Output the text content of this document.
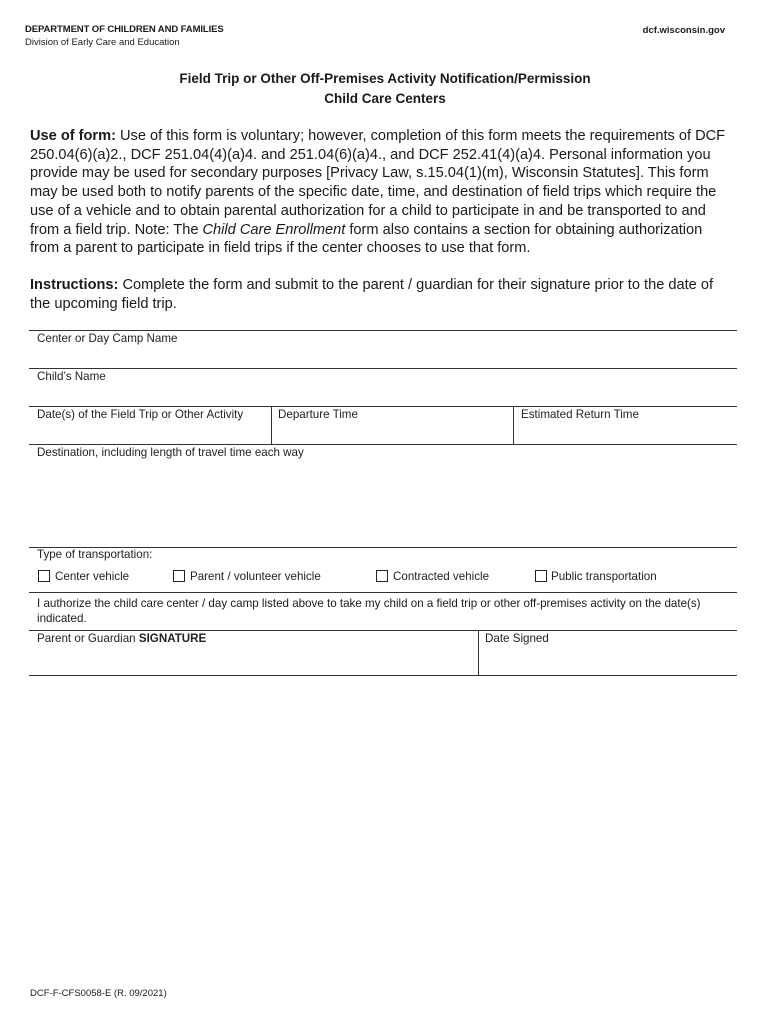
DEPARTMENT OF CHILDREN AND FAMILIES
Division of Early Care and Education
dcf.wisconsin.gov
Field Trip or Other Off-Premises Activity Notification/Permission
Child Care Centers
Use of form: Use of this form is voluntary; however, completion of this form meets the requirements of DCF 250.04(6)(a)2., DCF 251.04(4)(a)4. and 251.04(6)(a)4., and DCF 252.41(4)(a)4. Personal information you provide may be used for secondary purposes [Privacy Law, s.15.04(1)(m), Wisconsin Statutes]. This form may be used both to notify parents of the specific date, time, and destination of field trips which require the use of a vehicle and to obtain parental authorization for a child to participate in and be transported to and from a field trip. Note: The Child Care Enrollment form also contains a section for obtaining authorization from a parent to participate in field trips if the center chooses to use that form.
Instructions: Complete the form and submit to the parent / guardian for their signature prior to the date of the upcoming field trip.
Center or Day Camp Name
Child’s Name
Date(s) of the Field Trip or Other Activity	Departure Time	Estimated Return Time
Destination, including length of travel time each way
Type of transportation:
Center vehicle	Parent / volunteer vehicle	Contracted vehicle	Public transportation
I authorize the child care center / day camp listed above to take my child on a field trip or other off-premises activity on the date(s) indicated.
Parent or Guardian SIGNATURE	Date Signed
DCF-F-CFS0058-E (R. 09/2021)
